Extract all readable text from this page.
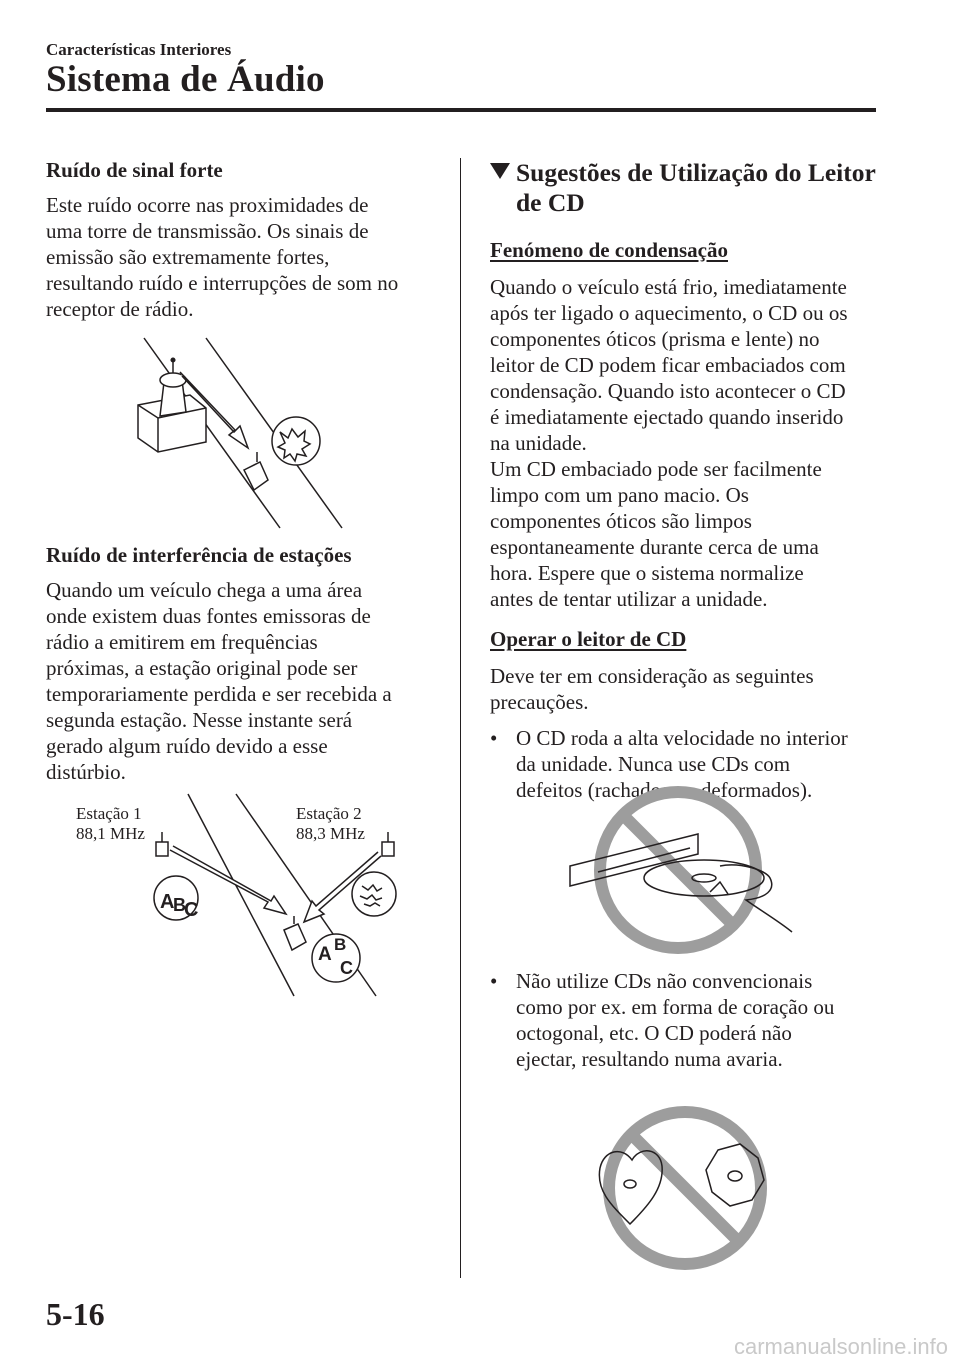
Características Interiores
Sistema de Áudio
Ruído de sinal forte
Este ruído ocorre nas proximidades de
uma torre de transmissão. Os sinais de
emissão são extremamente fortes,
resultando ruído e interrupções de som no
receptor de rádio.
Ruído de interferência de estações
Quando um veículo chega a uma área
onde existem duas fontes emissoras de
rádio a emitirem em frequências
próximas, a estação original pode ser
temporariamente perdida e ser recebida a
segunda estação. Nesse instante será
gerado algum ruído devido a esse
distúrbio.
Estação 1
88,1 MHz
Estação 2
88,3 MHz
A
B
C
A B
C
Sugestões de Utilização do Leitor
de CD
Fenómeno de condensação
Quando o veículo está frio, imediatamente
após ter ligado o aquecimento, o CD ou os
componentes óticos (prisma e lente) no
leitor de CD podem ficar embaciados com
condensação. Quando isto acontecer o CD
é imediatamente ejectado quando inserido
na unidade.
Um CD embaciado pode ser facilmente
limpo com um pano macio. Os
componentes óticos são limpos
espontaneamente durante cerca de uma
hora. Espere que o sistema normalize
antes de tentar utilizar a unidade.
Operar o leitor de CD
Deve ter em consideração as seguintes
precauções.
• O CD roda a alta velocidade no interior
da unidade. Nunca use CDs com
defeitos (rachados ou deformados).
• Não utilize CDs não convencionais
como por ex. em forma de coração ou
octogonal, etc. O CD poderá não
ejectar, resultando numa avaria.
5-16
carmanualsonline.info
